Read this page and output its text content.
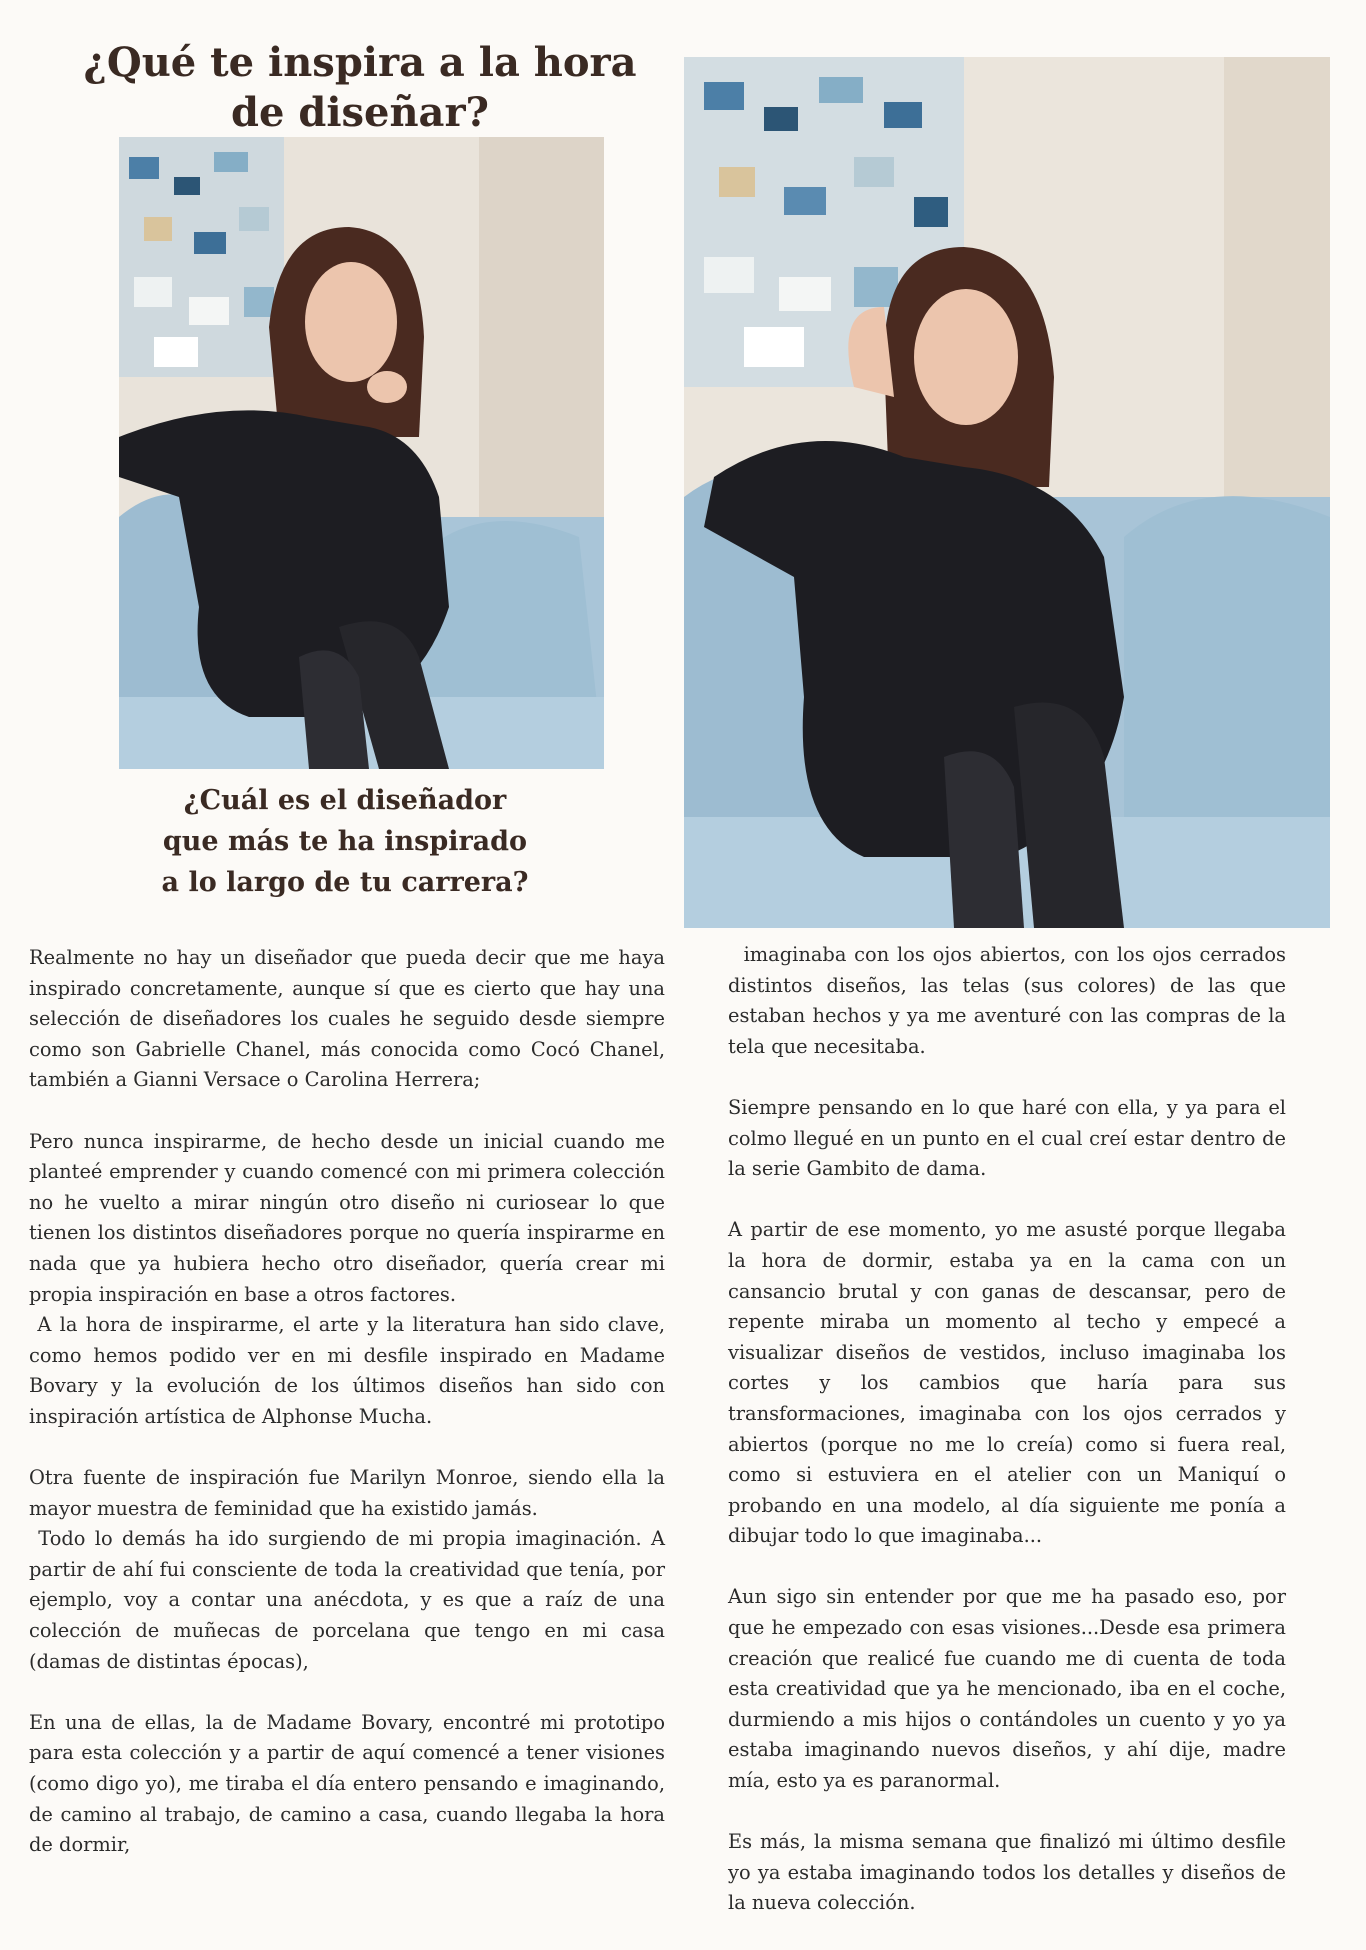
¿Qué te inspira a la hora de diseñar?
¿Cuál es el diseñador que más te ha inspirado a lo largo de tu carrera?

Realmente no hay un diseñador que pueda decir que me haya inspirado concretamente, aunque sí que es cierto que hay una selección de diseñadores los cuales he seguido desde siempre como son Gabrielle Chanel, más conocida como Cocó Chanel, también a Gianni Versace o Carolina Herrera;

Pero nunca inspirarme, de hecho desde un inicial cuando me planteé emprender y cuando comencé con mi primera colección no he vuelto a mirar ningún otro diseño ni curiosear lo que tienen los distintos diseñadores porque no quería inspirarme en nada que ya hubiera hecho otro diseñador, quería crear mi propia inspiración en base a otros factores.

A la hora de inspirarme, el arte y la literatura han sido clave, como hemos podido ver en mi desfile inspirado en Madame Bovary y la evolución de los últimos diseños han sido con inspiración artística de Alphonse Mucha.

Otra fuente de inspiración fue Marilyn Monroe, siendo ella la mayor muestra de feminidad que ha existido jamás.

Todo lo demás ha ido surgiendo de mi propia imaginación. A partir de ahí fui consciente de toda la creatividad que tenía, por ejemplo, voy a contar una anécdota, y es que a raíz de una colección de muñecas de porcelana que tengo en mi casa (damas de distintas épocas),

En una de ellas, la de Madame Bovary, encontré mi prototipo para esta colección y a partir de aquí comencé a tener visiones (como digo yo), me tiraba el día entero pensando e imaginando, de camino al trabajo, de camino a casa, cuando llegaba la hora de dormir,

imaginaba con los ojos abiertos, con los ojos cerrados distintos diseños, las telas (sus colores) de las que estaban hechos y ya me aventuré con las compras de la tela que necesitaba.

Siempre pensando en lo que haré con ella, y ya para el colmo llegué en un punto en el cual creí estar dentro de la serie Gambito de dama.

A partir de ese momento, yo me asusté porque llegaba la hora de dormir, estaba ya en la cama con un cansancio brutal y con ganas de descansar, pero de repente miraba un momento al techo y empecé a visualizar diseños de vestidos, incluso imaginaba los cortes y los cambios que haría para sus transformaciones, imaginaba con los ojos cerrados y abiertos (porque no me lo creía) como si fuera real, como si estuviera en el atelier con un Maniquí o probando en una modelo, al día siguiente me ponía a dibujar todo lo que imaginaba...

Aun sigo sin entender por que me ha pasado eso, por que he empezado con esas visiones...Desde esa primera creación que realicé fue cuando me di cuenta de toda esta creatividad que ya he mencionado, iba en el coche, durmiendo a mis hijos o contándoles un cuento y yo ya estaba imaginando nuevos diseños, y ahí dije, madre mía, esto ya es paranormal.

Es más, la misma semana que finalizó mi último desfile yo ya estaba imaginando todos los detalles y diseños de la nueva colección.
